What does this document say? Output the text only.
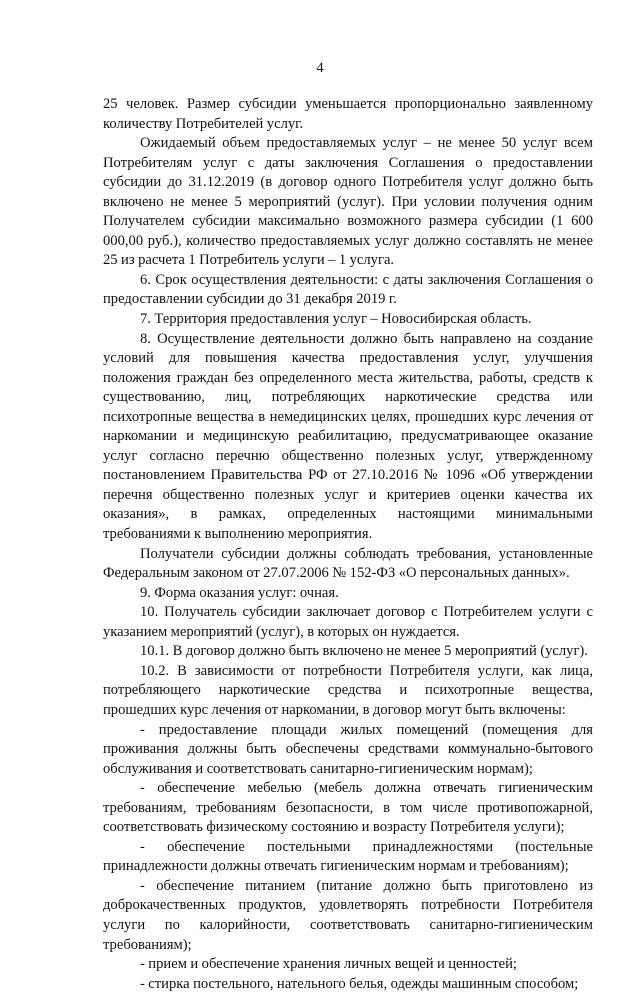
4

25 человек. Размер субсидии уменьшается пропорционально заявленному количеству Потребителей услуг.

Ожидаемый объем предоставляемых услуг – не менее 50 услуг всем Потребителям услуг с даты заключения Соглашения о предоставлении субсидии до 31.12.2019 (в договор одного Потребителя услуг должно быть включено не менее 5 мероприятий (услуг). При условии получения одним Получателем субсидии максимально возможного размера субсидии (1 600 000,00 руб.), количество предоставляемых услуг должно составлять не менее 25 из расчета 1 Потребитель услуги – 1 услуга.

6. Срок осуществления деятельности: с даты заключения Соглашения о предоставлении субсидии до 31 декабря 2019 г.

7. Территория предоставления услуг – Новосибирская область.

8. Осуществление деятельности должно быть направлено на создание условий для повышения качества предоставления услуг, улучшения положения граждан без определенного места жительства, работы, средств к существованию, лиц, потребляющих наркотические средства или психотропные вещества в немедицинских целях, прошедших курс лечения от наркомании и медицинскую реабилитацию, предусматривающее оказание услуг согласно перечню общественно полезных услуг, утвержденному постановлением Правительства РФ от 27.10.2016 № 1096 «Об утверждении перечня общественно полезных услуг и критериев оценки качества их оказания», в рамках, определенных настоящими минимальными требованиями к выполнению мероприятия.

Получатели субсидии должны соблюдать требования, установленные Федеральным законом от 27.07.2006 № 152-ФЗ «О персональных данных».

9. Форма оказания услуг: очная.

10. Получатель субсидии заключает договор с Потребителем услуги с указанием мероприятий (услуг), в которых он нуждается.

10.1. В договор должно быть включено не менее 5 мероприятий (услуг).

10.2. В зависимости от потребности Потребителя услуги, как лица, потребляющего наркотические средства и психотропные вещества, прошедших курс лечения от наркомании, в договор могут быть включены:

- предоставление площади жилых помещений (помещения для проживания должны быть обеспечены средствами коммунально-бытового обслуживания и соответствовать санитарно-гигиеническим нормам);

- обеспечение мебелью (мебель должна отвечать гигиеническим требованиям, требованиям безопасности, в том числе противопожарной, соответствовать физическому состоянию и возрасту Потребителя услуги);

- обеспечение постельными принадлежностями (постельные принадлежности должны отвечать гигиеническим нормам и требованиям);

- обеспечение питанием (питание должно быть приготовлено из доброкачественных продуктов, удовлетворять потребности Потребителя услуги по калорийности, соответствовать санитарно-гигиеническим требованиям);

- прием и обеспечение хранения личных вещей и ценностей;

- стирка постельного, нательного белья, одежды машинным способом;
